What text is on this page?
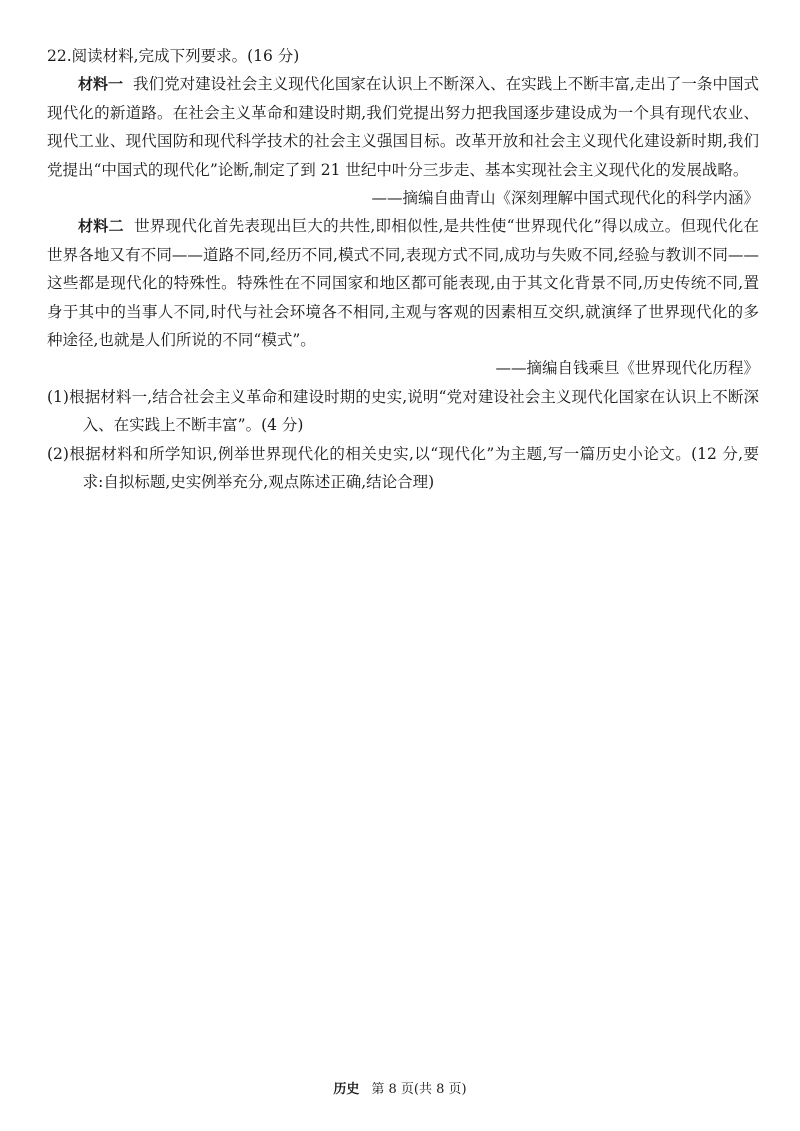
22.阅读材料,完成下列要求。(16 分)

材料一 我们党对建设社会主义现代化国家在认识上不断深入、在实践上不断丰富,走出了一条中国式现代化的新道路。在社会主义革命和建设时期,我们党提出努力把我国逐步建设成为一个具有现代农业、现代工业、现代国防和现代科学技术的社会主义强国目标。改革开放和社会主义现代化建设新时期,我们党提出“中国式的现代化”论断,制定了到 21 世纪中叶分三步走、基本实现社会主义现代化的发展战略。

——摘编自曲青山《深刻理解中国式现代化的科学内涵》

材料二 世界现代化首先表现出巨大的共性,即相似性,是共性使“世界现代化”得以成立。但现代化在世界各地又有不同——道路不同,经历不同,模式不同,表现方式不同,成功与失败不同,经验与教训不同——这些都是现代化的特殊性。特殊性在不同国家和地区都可能表现,由于其文化背景不同,历史传统不同,置身于其中的当事人不同,时代与社会环境各不相同,主观与客观的因素相互交织,就演绎了世界现代化的多种途径,也就是人们所说的不同“模式”。

——摘编自钱乘旦《世界现代化历程》

(1)根据材料一,结合社会主义革命和建设时期的史实,说明“党对建设社会主义现代化国家在认识上不断深入、在实践上不断丰富”。(4 分)

(2)根据材料和所学知识,例举世界现代化的相关史实,以“现代化”为主题,写一篇历史小论文。(12 分,要求:自拟标题,史实例举充分,观点陈述正确,结论合理)

历史 第 8 页(共 8 页)
